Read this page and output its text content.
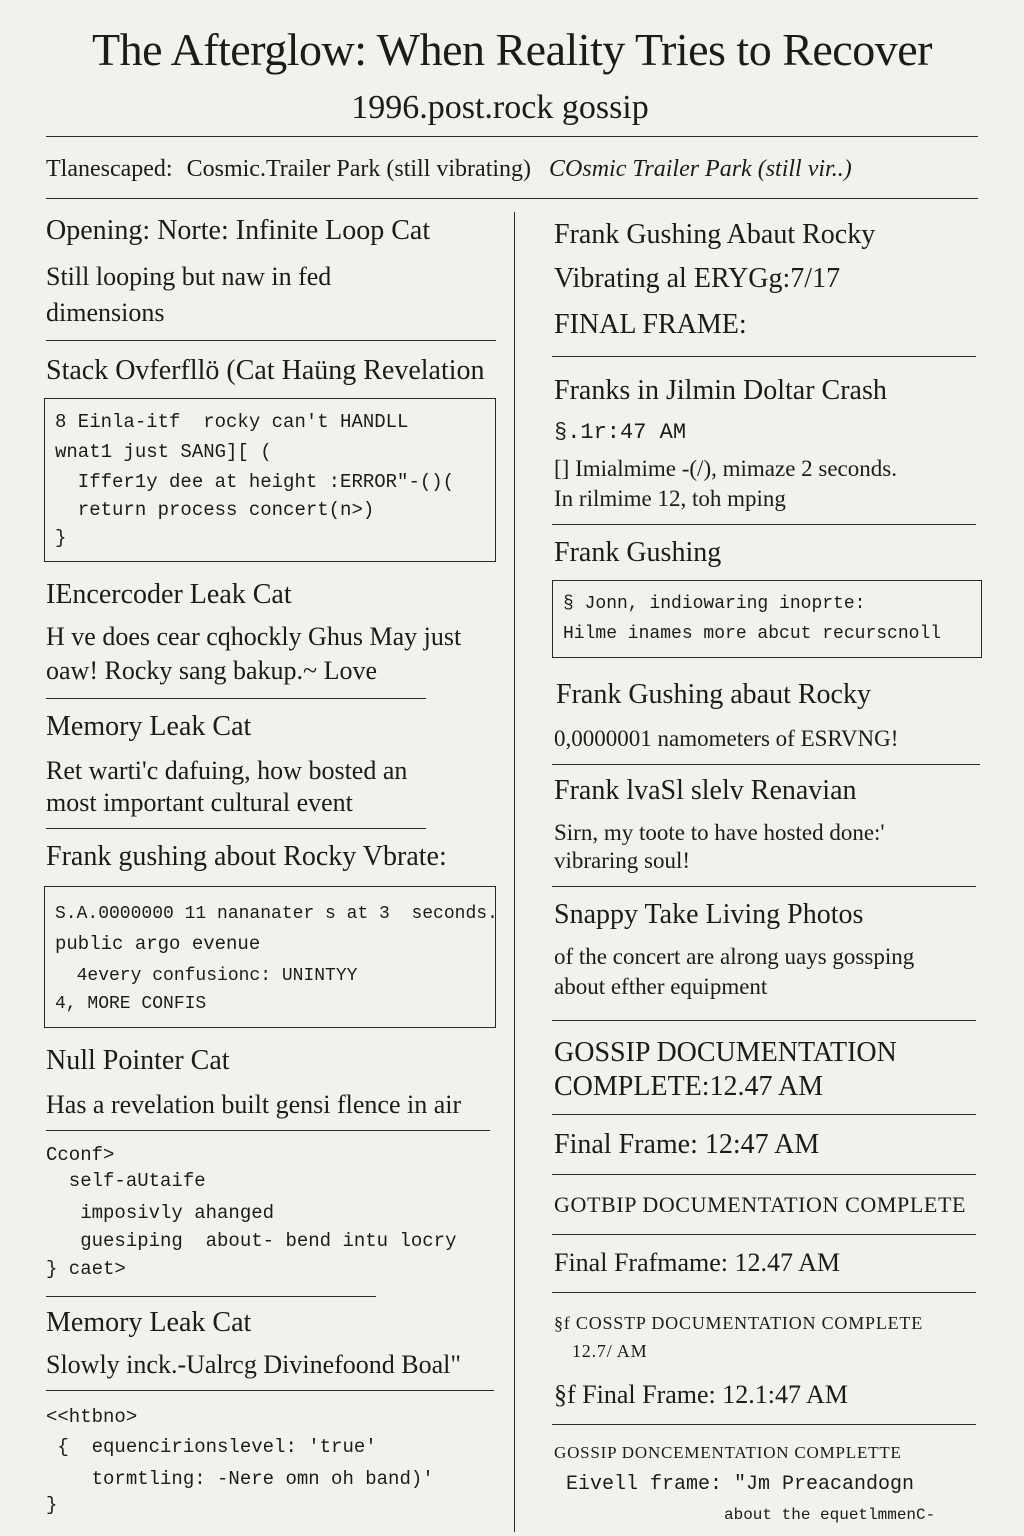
The Afterglow: When Reality Tries to Recover
1996.post.rock gossip
Tlanescaped: Cosmic.Trailer Park (still vibrating) COsmic Trailer Park (still vir..)
Opening: Norte: Infinite Loop Cat
Still looping but naw in fed
dimensions
Stack Ovferfllö (Cat Haüng Revelation
8 Einla-itf  rocky can't HANDLL
wnat1 just SANG][ (
Iffer1y dee at height :ERROR"-()(
return process concert(n>)
}
IEncercoder Leak Cat
H ve does cear cqhockly Ghus May just
oaw! Rocky sang bakup.~ Love
Memory Leak Cat
Ret warti'c dafuing, how bosted an
most important cultural event
Frank gushing about Rocky Vbrate:
S.A.0000000 11 nananater s at 3  seconds.
public argo evenue
4every confusionc: UNINTYY
4, MORE CONFIS
Null Pointer Cat
Has a revelation built gensi flence in air
Cconf>
self-aUtaife
imposivly ahanged
guesiping  about- bend intu locry
} caet>
Memory Leak Cat
Slowly inck.-Ualrcg Divinefoond Boal"
<<htbno>
{  equencirionslevel: 'true'
tormtling: -Nere omn oh band)'
}
Frank Gushing Abaut Rocky
Vibrating al ERYGg:7/17
FINAL FRAME:
Franks in Jilmin Doltar Crash
§.1r:47 AM
[] Imialmime -(/), mimaze 2 seconds.
In rilmime 12, toh mping
Frank Gushing
§ Jonn, indiowaring inoprte:
Hilme inames more abcut recurscnoll
Frank Gushing abaut Rocky
0,0000001 namometers of ESRVNG!
Frank lvaSl slelv Renavian
Sirn, my toote to have hosted done:'
vibraring soul!
Snappy Take Living Photos
of the concert are alrong uays gossping
about efther equipment
GOSSIP DOCUMENTATION
COMPLETE:12.47 AM
Final Frame: 12:47 AM
GOTBIP DOCUMENTATION COMPLETE
Final Frafmame: 12.47 AM
§f COSSTP DOCUMENTATION COMPLETE
12.7/ AM
§f Final Frame: 12.1:47 AM
GOSSIP DONCEMENTATION COMPLETTE
Eivell frame: "Jm Preacandogn
about the equetlmmenC-
